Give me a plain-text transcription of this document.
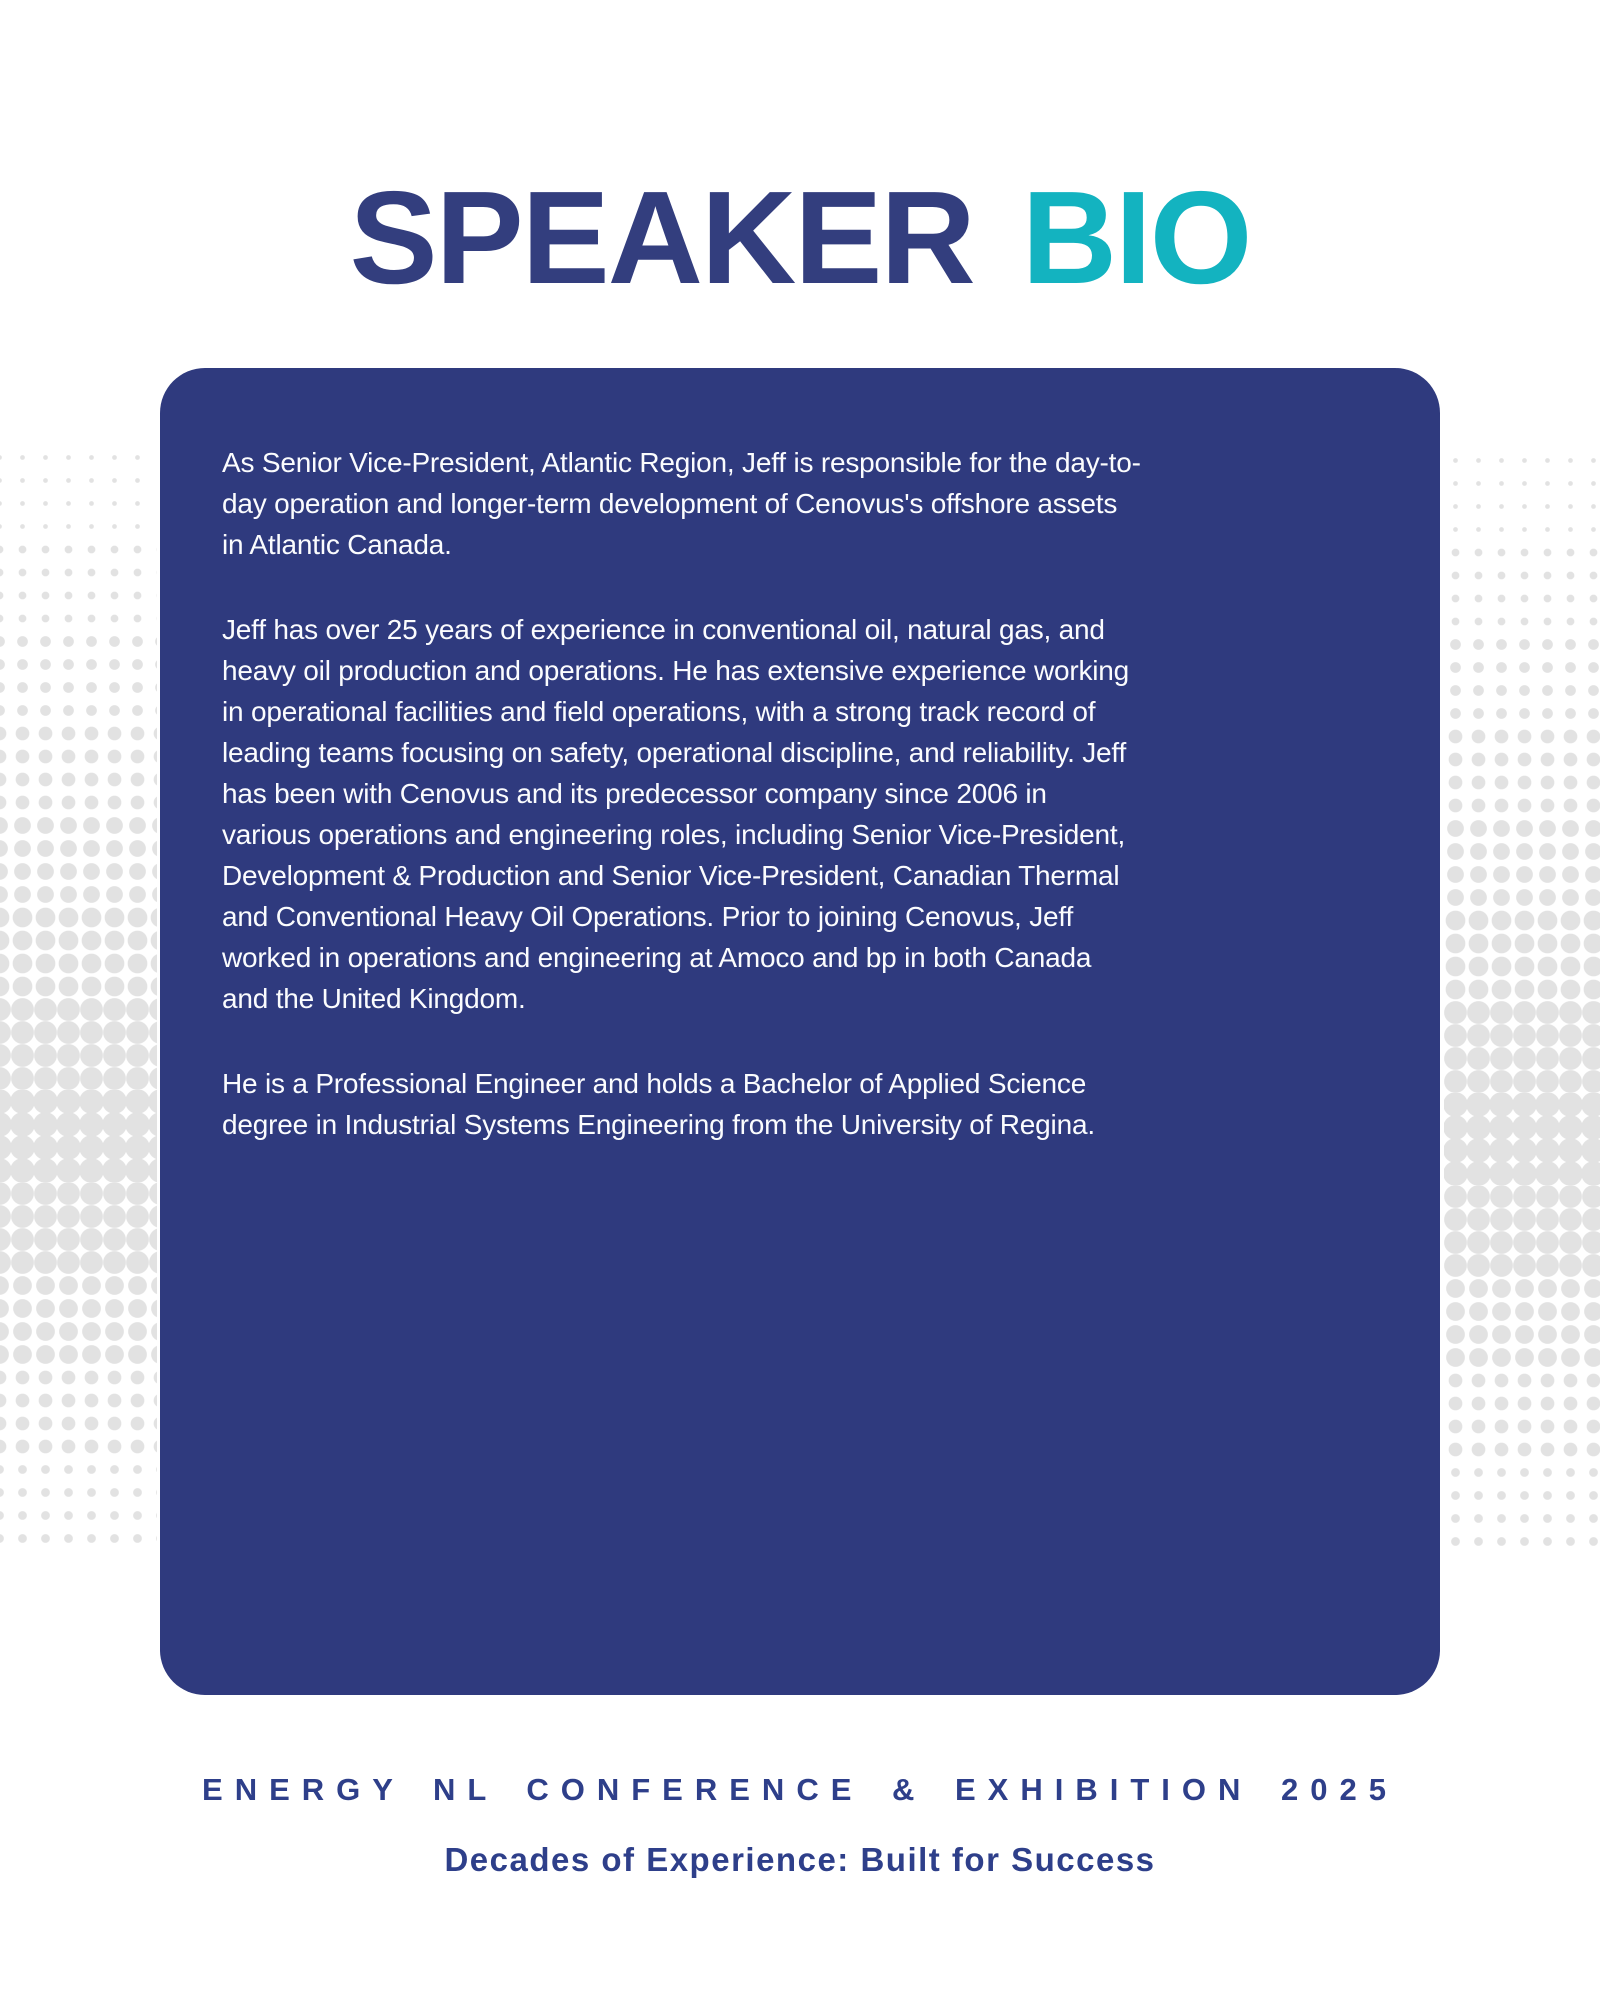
SPEAKER BIO

As Senior Vice-President, Atlantic Region, Jeff is responsible for the day-to-day operation and longer-term development of Cenovus's offshore assets in Atlantic Canada.

Jeff has over 25 years of experience in conventional oil, natural gas, and heavy oil production and operations. He has extensive experience working in operational facilities and field operations, with a strong track record of leading teams focusing on safety, operational discipline, and reliability. Jeff has been with Cenovus and its predecessor company since 2006 in various operations and engineering roles, including Senior Vice-President, Development & Production and Senior Vice-President, Canadian Thermal and Conventional Heavy Oil Operations. Prior to joining Cenovus, Jeff worked in operations and engineering at Amoco and bp in both Canada and the United Kingdom.

He is a Professional Engineer and holds a Bachelor of Applied Science degree in Industrial Systems Engineering from the University of Regina.

ENERGY NL CONFERENCE & EXHIBITION 2025
Decades of Experience: Built for Success
